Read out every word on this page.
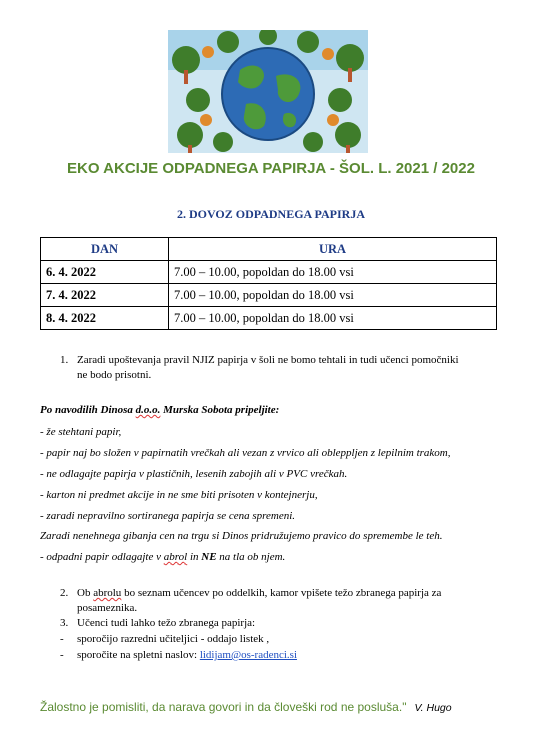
EKO AKCIJE ODPADNEGA PAPIRJA - ŠOL. L. 2021 / 2022
2. DOVOZ ODPADNEGA PAPIRJA
DAN	URA
6. 4. 2022	7.00 – 10.00, popoldan do 18.00 vsi
7. 4. 2022	7.00 – 10.00, popoldan do 18.00 vsi
8. 4. 2022	7.00 – 10.00, popoldan do 18.00 vsi
1. Zaradi upoštevanja pravil NJIZ papirja v šoli ne bomo tehtali in tudi učenci pomočniki
ne bodo prisotni.
Po navodilih Dinosa d.o.o. Murska Sobota pripeljite:
- že stehtani papir,
- papir naj bo složen v papirnatih vrečkah ali vezan z vrvico ali obleppljen z lepilnim trakom,
- ne odlagajte papirja v plastičnih, lesenih zabojih ali v PVC vrečkah.
- karton ni predmet akcije in ne sme biti prisoten v kontejnerju,
- zaradi nepravilno sortiranega papirja se cena spremeni.
Zaradi nenehnega gibanja cen na trgu si Dinos pridružujemo pravico do spremembe le teh.
- odpadni papir odlagajte v abrol in NE na tla ob njem.
2. Ob abrolu bo seznam učencev po oddelkih, kamor vpišete težo zbranega papirja za
posameznika.
3. Učenci tudi lahko težo zbranega papirja:
- sporočijo razredni učiteljici - oddajo listek ,
- sporočite na spletni naslov: lidijam@os-radenci.si
Žalostno je pomisliti, da narava govori in da človeški rod ne posluša." V. Hugo
